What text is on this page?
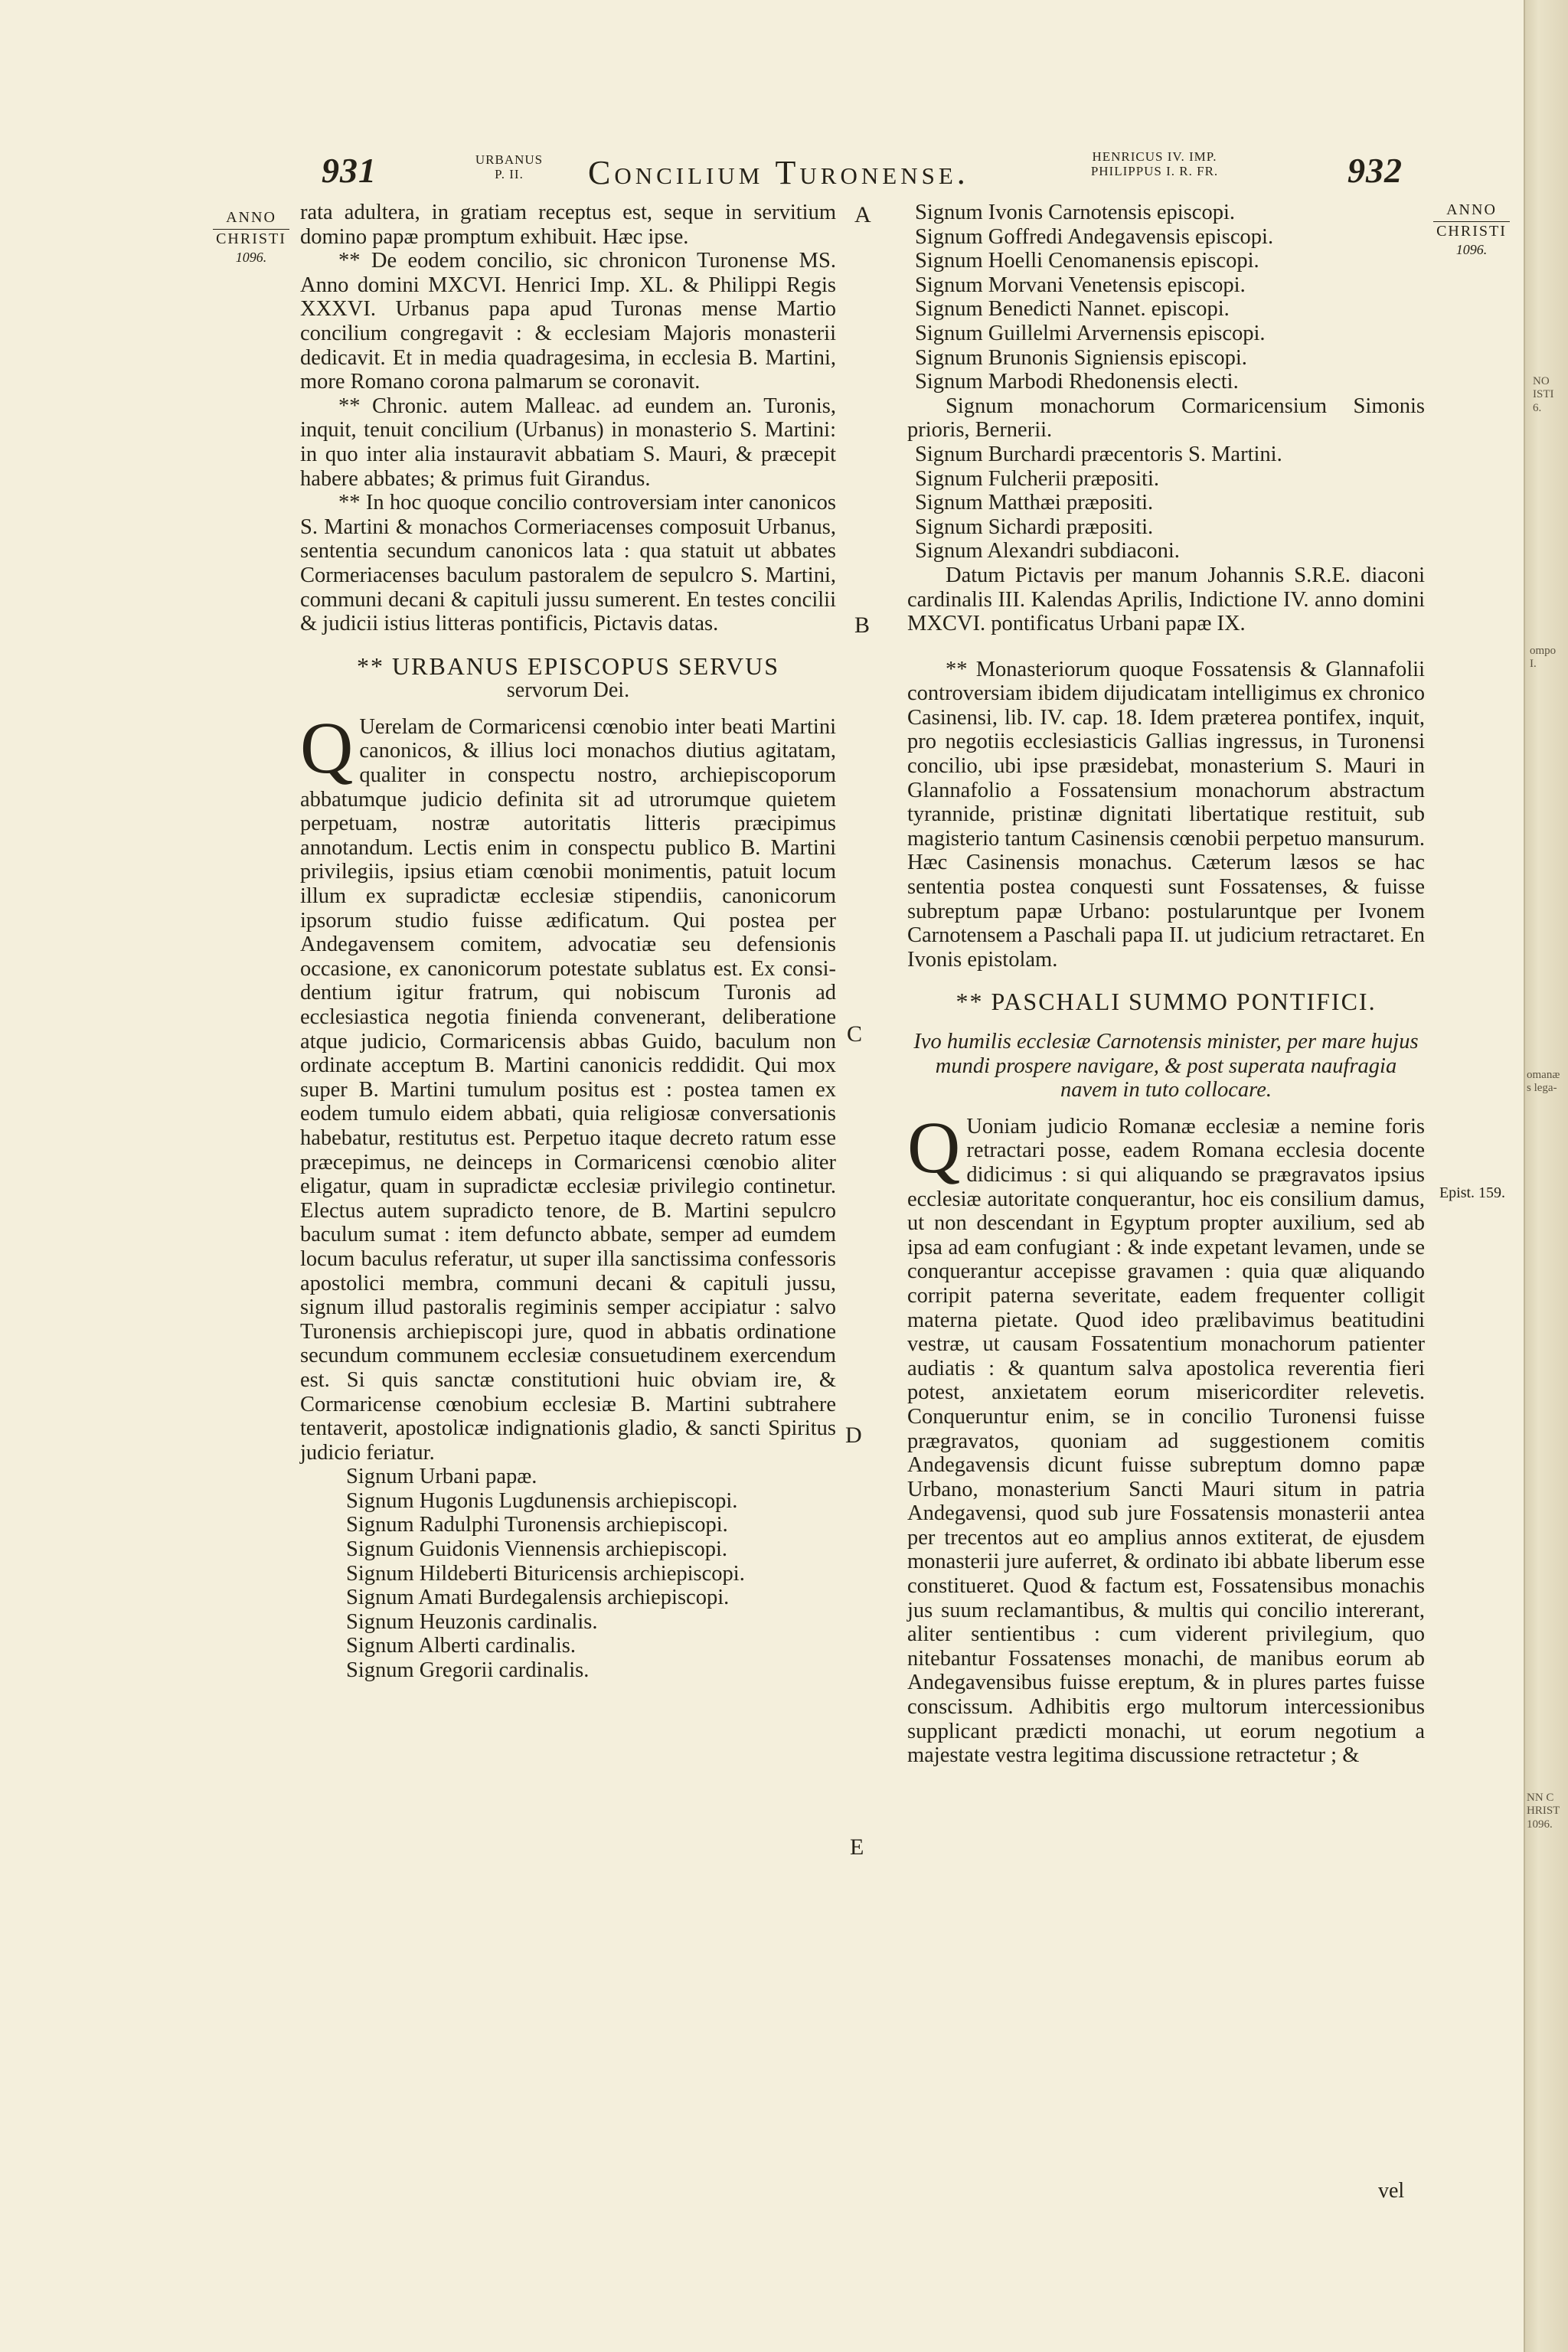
931	URBANUS
P. II.	Concilium Turonense.	HENRICUS IV. IMP.
PHILIPPUS I. R. FR.	932
ANNO
CHRISTI
1096.
ANNO
CHRISTI
1096.
Epist. 159.
A
B
C
D
E

rata adultera, in gratiam receptus est, seque in servitium domino papæ promptum exhibuit. Hæc ipse.

** De eodem concilio, sic chronicon Turonense MS. Anno domini MXCVI. Henrici Imp. XL. & Philippi Regis XXXVI. Urbanus papa apud Turonas mense Martio concilium congregavit : & ecclesiam Majoris monasterii dedicavit. Et in media quadragesima, in ecclesia B. Martini, more Romano corona palmarum se coronavit.

** Chronic. autem Malleac. ad eundem an. Turonis, inquit, tenuit concilium (Urbanus) in monasterio S. Martini: in quo inter alia instauravit abbatiam S. Mauri, & præcepit habere abbates; & primus fuit Girandus.

** In hoc quoque concilio controversiam inter canonicos S. Martini & monachos Cormeriacenses composuit Urbanus, sententia secundum canonicos lata : qua statuit ut abbates Cormeriacenses baculum pastoralem de sepulcro S. Martini, communi decani & capituli jussu sumerent. En testes concilii & judicii istius litteras pontificis, Pictavis datas.

** URBANUS EPISCOPUS SERVUS

servorum Dei.

Q Uerelam de Cormaricensi cœnobio inter beati Martini canonicos, & illius loci monachos diutius agitatam, qualiter in conspectu nostro, archiepiscoporum abbatumque judicio definita sit ad utrorumque quietem perpetuam, nostræ autoritatis litteris præcipimus annotandum. Lectis enim in conspectu publico B. Martini privilegiis, ipsius etiam cœnobii monimentis, patuit locum illum ex supradictæ ecclesiæ stipendiis, canonicorum ipsorum studio fuisse ædificatum. Qui postea per Andegavensem comitem, advocatiæ seu defensionis occasione, ex canonicorum potestate sublatus est. Ex considentium igitur fratrum, qui nobiscum Turonis ad ecclesiastica negotia finienda convenerant, deliberatione atque judicio, Cormaricensis abbas Guido, baculum non ordinate acceptum B. Martini canonicis reddidit. Qui mox super B. Martini tumulum positus est : postea tamen ex eodem tumulo eidem abbati, quia religiosæ conversationis habebatur, restitutus est. Perpetuo itaque decreto ratum esse præcepimus, ne deinceps in Cormaricensi cœnobio aliter eligatur, quam in supradictæ ecclesiæ privilegio continetur. Electus autem supradicto tenore, de B. Martini sepulcro baculum sumat : item defuncto abbate, semper ad eumdem locum baculus referatur, ut super illa sanctissima confessoris apostolici membra, communi decani & capituli jussu, signum illud pastoralis regiminis semper accipiatur : salvo Turonensis archiepiscopi jure, quod in abbatis ordinatione secundum communem ecclesiæ consuetudinem exercendum est. Si quis sanctæ constitutioni huic obviam ire, & Cormaricense cœnobium ecclesiæ B. Martini subtrahere tentaverit, apostolicæ indignationis gladio, & sancti Spiritus judicio feriatur.

Signum Urbani papæ.
Signum Hugonis Lugdunensis archiepiscopi.
Signum Radulphi Turonensis archiepiscopi.
Signum Guidonis Viennensis archiepiscopi.
Signum Hildeberti Bituricensis archiepiscopi.
Signum Amati Burdegalensis archiepiscopi.
Signum Heuzonis cardinalis.
Signum Alberti cardinalis.
Signum Gregorii cardinalis.
Signum Ivonis Carnotensis episcopi.
Signum Goffredi Andegavensis episcopi.
Signum Hoelli Cenomanensis episcopi.
Signum Morvani Venetensis episcopi.
Signum Benedicti Nannet. episcopi.
Signum Guillelmi Arvernensis episcopi.
Signum Brunonis Signiensis episcopi.
Signum Marbodi Rhedonensis electi.

Signum monachorum Cormaricensium Simonis prioris, Bernerii.

Signum Burchardi præcentoris S. Martini.
Signum Fulcherii præpositi.
Signum Matthæi præpositi.
Signum Sichardi præpositi.
Signum Alexandri subdiaconi.

Datum Pictavis per manum Johannis S.R.E. diaconi cardinalis III. Kalendas Aprilis, Indictione IV. anno domini MXCVI. pontificatus Urbani papæ IX.

** Monasteriorum quoque Fossatensis & Glannafolii controversiam ibidem dijudicatam intelligimus ex chronico Casinensi, lib. IV. cap. 18. Idem præterea pontifex, inquit, pro negotiis ecclesiasticis Gallias ingressus, in Turonensi concilio, ubi ipse præsidebat, monasterium S. Mauri in Glannafolio a Fossatensium monachorum abstractum tyrannide, pristinæ dignitati libertatique restituit, sub magisterio tantum Casinensis cœnobii perpetuo mansurum. Hæc Casinensis monachus. Cæterum læsos se hac sententia postea conquesti sunt Fossatenses, & fuisse subreptum papæ Urbano: postularuntque per Ivonem Carnotensem a Paschali papa II. ut judicium retractaret. En Ivonis epistolam.

** PASCHALI SUMMO PONTIFICI.

Ivo humilis ecclesiæ Carnotensis minister, per mare hujus mundi prospere navigare, & post superata naufragia navem in tuto collocare.

Q Uoniam judicio Romanæ ecclesiæ a nemine foris retractari posse, eadem Romana ecclesia docente didicimus : si qui aliquando se prægravatos ipsius ecclesiæ autoritate conquerantur, hoc eis consilium damus, ut non descendant in Egyptum propter auxilium, sed ab ipsa ad eam confugiant : & inde expetant levamen, unde se conquerantur accepisse gravamen : quia quæ aliquando corripit paterna severitate, eadem frequenter colligit materna pietate. Quod ideo prælibavimus beatitudini vestræ, ut causam Fossatentium monachorum patienter audiatis : & quantum salva apostolica reverentia fieri potest, anxietatem eorum misericorditer relevetis. Conqueruntur enim, se in concilio Turonensi fuisse prægravatos, quoniam ad suggestionem comitis Andegavensis dicunt fuisse subreptum domno papæ Urbano, monasterium Sancti Mauri situm in patria Andegavensi, quod sub jure Fossatensis monasterii antea per trecentos aut eo amplius annos extiterat, de ejusdem monasterii jure auferret, & ordinato ibi abbate liberum esse constitueret. Quod & factum est, Fossatensibus monachis jus suum reclamantibus, & multis qui concilio intererant, aliter sentientibus : cum viderent privilegium, quo nitebantur Fossatenses monachi, de manibus eorum ab Andegavensibus fuisse ereptum, & in plures partes fuisse conscissum. Adhibitis ergo multorum intercessionibus supplicant prædicti monachi, ut eorum negotium a majestate vestra legitima discussione retractetur ; &

vel
NO
ISTI
6.
ompo
I.
omanæ
s lega-
NN C
HRIST
1096.
